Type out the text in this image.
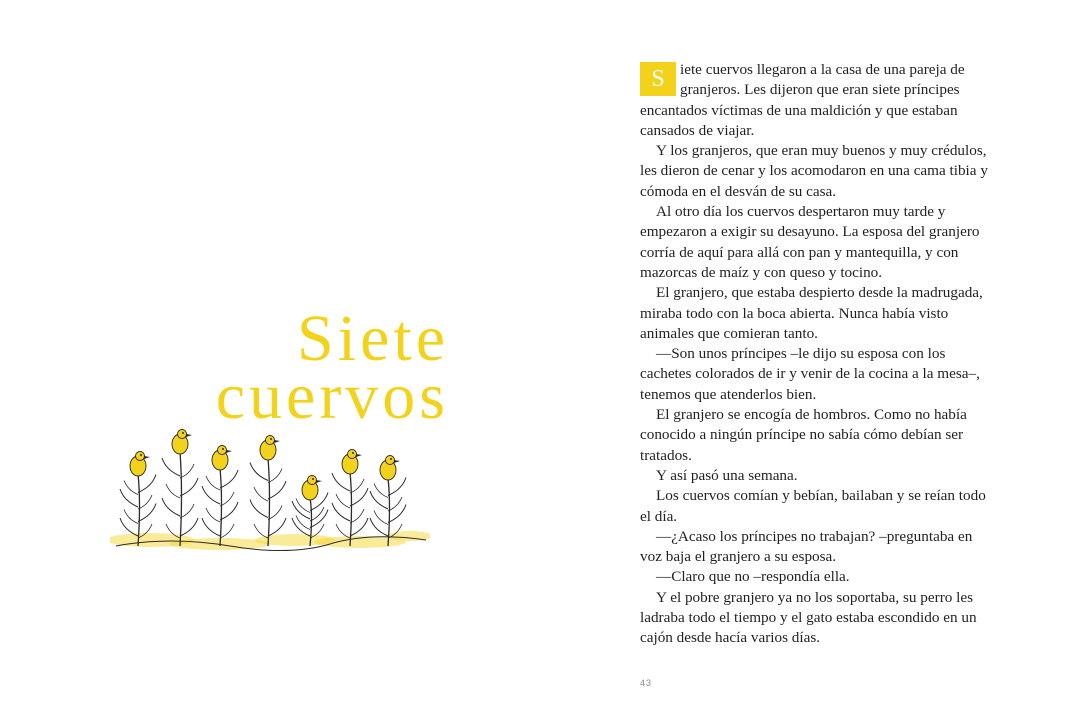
Siete
cuervos

S	iete cuervos llegaron a la casa de una pareja de granjeros. Les dijeron que eran siete príncipes encantados víctimas de una maldición y que estaban cansados de viajar.

Y los granjeros, que eran muy buenos y muy crédulos, les dieron de cenar y los acomodaron en una cama tibia y cómoda en el desván de su casa.

Al otro día los cuervos despertaron muy tarde y empezaron a exigir su desayuno. La esposa del granjero corría de aquí para allá con pan y mantequilla, y con mazorcas de maíz y con queso y tocino.

El granjero, que estaba despierto desde la madrugada, miraba todo con la boca abierta. Nunca había visto animales que comieran tanto.

—Son unos príncipes –le dijo su esposa con los cachetes colorados de ir y venir de la cocina a la mesa–, tenemos que atenderlos bien.

El granjero se encogía de hombros. Como no había conocido a ningún príncipe no sabía cómo debían ser tratados.

Y así pasó una semana.

Los cuervos comían y bebían, bailaban y se reían todo el día.

—¿Acaso los príncipes no trabajan? –preguntaba en voz baja el granjero a su esposa.

—Claro que no –respondía ella.

Y el pobre granjero ya no los soportaba, su perro les ladraba todo el tiempo y el gato estaba escondido en un cajón desde hacía varios días.

43
